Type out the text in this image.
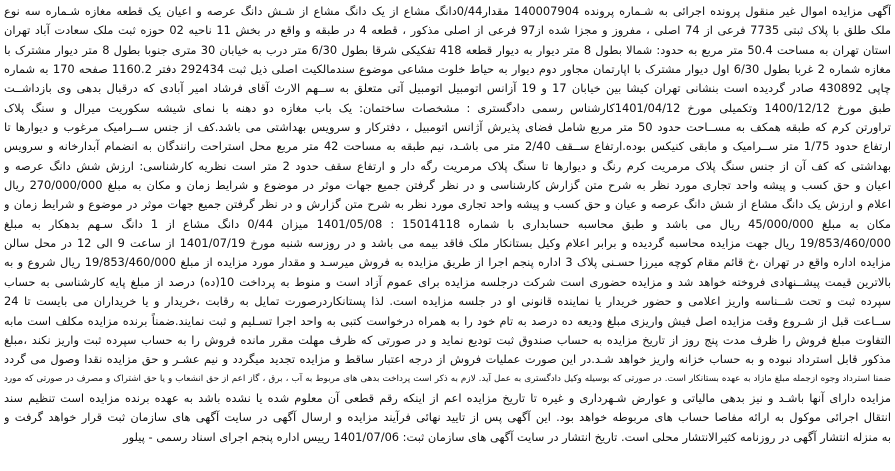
آگهی مزایده اموال غیر منقول پرونده اجرائی به شـماره پرونده 140007904 مقدار0/44دانگ مشاع از یک دانگ مشاع از شـش دانگ عرصه و اعیان یک قطعه مغازه شـماره سه نوع
ملک طلق با پلاک ثبتی 7735 فرعی از 74 اصلی ، مفروز و مجزا شده از97 فرعی از اصلی مذکور ، قطعه 4 در طبقه و واقع در بخش 11 ناحیه 02 حوزه ثبت ملک سعادت آباد تهران
استان تهران به مساحت 50.4 متر مربع به حدود: شمالا بطول 8 متر دیوار به دیوار قطعه 418 تفکیکی شرقا بطول 6/30 متر درب به خیابان 30 متری جنوبا بطول 8 متر دیوار مشترک با
مغازه شماره 2 غربا بطول 6/30 اول دیوار مشترک با اپارتمان مجاور دوم دیوار به حیاط خلوت مشاعی موضوع سندمالکیت اصلی ذیل ثبت 292434 دفتر 1160.2 صفحه 170 به شماره
چاپی 430892 صادر گردیده است بنشانی تهران کیشا بین خیابان 17 و 19 آزانس اتومبیل اتومبیل آتی متعلق به ســهم الارث آقای فرشاد امیر آبادی که درقبال بدهی وی بازداشــت
طبق مورخ 1400/12/12 وتکمیلی مورخ 1401/04/12کارشناس رسمی دادگستری : مشخصات ساختمان: یک باب مغازه دو دهنه با نمای شیشه سکوریت میرال و سنگ پلاک
تراورتن کرم که طبقه همکف به مســاحت حدود 50 متر مربع شامل فضای پذیرش آژانس اتومبیل ، دفترکار و سرویس بهداشتی می باشد.کف از جنس ســرامیک مرغوب و دیوارها تا
ارتفاع حدود 1/75 متر ســرامیک و مابقی کنیکس بوده.ارتفاع ســقف 2/40 متر می باشـد، نیم طبقه به مساحت 42 متر مربع محل استراحت رانندگان به انضمام آبدارخانه و سرویس
بهداشتی که کف آن از جنس سنگ پلاک مرمریت کرم رنگ و دیوارها تا سنگ پلاک مرمریت رگه دار و ارتفاع سقف حدود 2 متر است نظریه کارشناسی: ارزش شش دانگ عرصه و
اعیان و حق کسب و پیشه واحد تجاری مورد نظر به شرح متن گزارش کارشناسی و در نظر گرفتن جمیع جهات موثر در موضوع و شرایط زمان و مکان به مبلغ 270/000/000 ریال
اعلام و ارزش یک دانگ مشاع از شش دانگ عرصه و عیان و حق کسب و پیشه واحد تجاری مورد نظر به شرح متن گزارش و در نظر گرفتن جمیع جهات موثر در موضوع و شرایط زمان و
مکان به مبلغ 45/000/000 ریال می باشد و طبق محاسبه حسابداری با شماره 15014118 : 1401/05/08 میزان 0/44 دانگ مشاع از 1 دانگ سـهم بدهکار به مبلغ
19/853/460/000 ریال جهت مزایده محاسبه گردیده و برابر اعلام وکیل بستانکار ملک فاقد بیمه می باشد و در روزسه شنبه مورخ 1401/07/19 از ساعت 9 الی 12 در محل سالن
مزایده اداره واقع در تهران ،خ قائم مقام کوچه میرزا حسـنی پلاک 3 اداره پنجم اجرا از طریق مزایده به فروش میرسـد و مقدار مورد مزایده از مبلغ 19/853/460/000 ریال شروع و به
بالاترین قیمت پیشــنهادی فروخته خواهد شد و مزایده حضوری است شرکت درجلسه مزایده برای عموم آزاد است و منوط به پرداخت 10(ده) درصد از مبلغ پایه کارشناسی به حساب
سپرده ثبت و تحت شــناسه واریز اعلامی و حضور خریدار یا نماینده قانونی او در جلسه مزایده است. لذا پستانکاردرصورت تمایل به رقابت ،خریدار و یا خریداران می بایست تا 24
ســاعت قبل از شـروع وقت مزایده اصل فیش واریزی مبلغ ودیعه ده درصد به تام خود را به همراه درخواست کتبی به واحد اجرا تسـلیم و ثبت نمایند.ضمناً برنده مزایده مکلف است مابه
التفاوت مبلغ فروش را ظرف مدت پنج روز از تاریخ مزایده به حساب صندوق ثبت تودیع نماید و در صورتی که ظرف مهلت مقرر مانده فروش را به حساب سپرده ثبت واریز نکند ،مبلغ
مذکور قابل استرداد نبوده و به حساب خزانه واریز خواهد شـد.در این صورت عملیات فروش از درجه اعتبار ساقط و مزایده تجدید میگردد و نیم عشـر و حق مزایده نقدا وصول می گردد
ضمنا استرداد وجوه ازجمله مبلغ مازاد به عهده بستانکار است. در صورتی که بوسیله وکیل دادگستری به عمل آید. لازم به ذکر است پرداخت بدهی های مربوط به آب ، برق ، گاز اعم از حق انشعاب و یا حق اشتراک و مصرف در صورتی که مورد
مزایده دارای آنها باشـد و نیز بدهی مالیاتی و عوارض شـهرداری و غیره تا تاریخ مزایده اعم از اینکه رقم قطعی آن معلوم شده یا نشده باشد به عهده برنده مزایده است تنظیم سند
انتقال اجرائی موکول به ارائه مفاصا حساب های مربوطه خواهد بود. این آگهی پس از تایید نهائی فرآیند مزایده و ارسال آگهی در سایت آگهی های سازمان ثبت قرار خواهد گرفت و
به منزله انتشار آگهی در روزنامه کثیرالانتشار محلی است. تاریخ انتشار در سایت آگهی های سازمان ثبت: 1401/07/06 رییس اداره پنجم اجرای اسناد رسمی - پیلور
